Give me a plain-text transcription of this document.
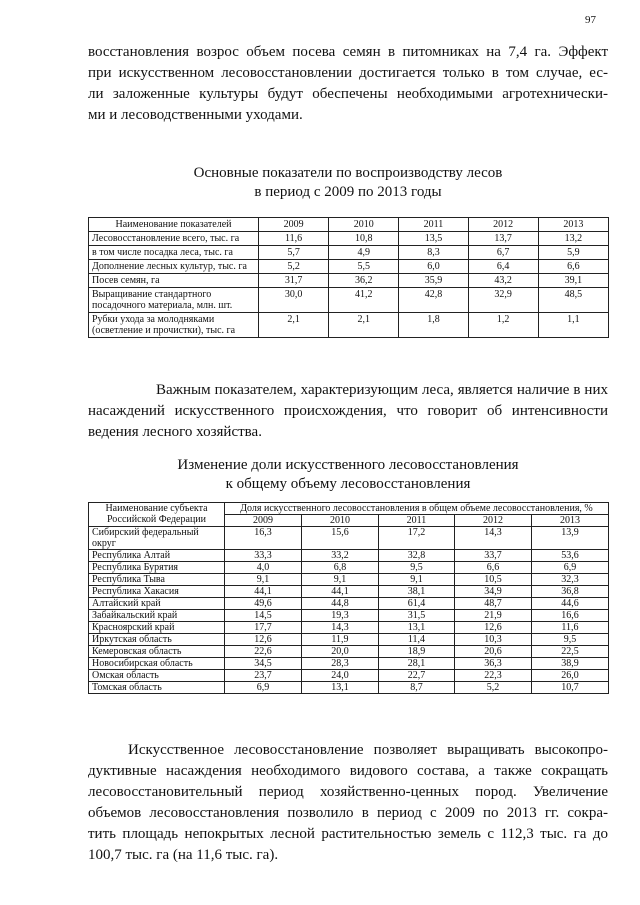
97
восстановления возрос объем посева семян в питомниках на 7,4 га. Эффект
при искусственном лесовосстановлении достигается только в том случае, ес-
ли заложенные культуры будут обеспечены необходимыми агротехнически-
ми и лесоводственными уходами.
Основные показатели по воспроизводству лесов
в период с 2009 по 2013 годы
Наименование показателей	2009	2010	2011	2012	2013
Лесовосстановление всего, тыс. га	11,6	10,8	13,5	13,7	13,2
в том числе посадка леса, тыс. га	5,7	4,9	8,3	6,7	5,9
Дополнение лесных культур, тыс. га	5,2	5,5	6,0	6,4	6,6
Посев семян, га	31,7	36,2	35,9	43,2	39,1
Выращивание стандартного посадочного материала, млн. шт.	30,0	41,2	42,8	32,9	48,5
Рубки ухода за молодняками (осветление и прочистки), тыс. га	2,1	2,1	1,8	1,2	1,1
Важным показателем, характеризующим леса, является наличие в них
насаждений искусственного происхождения, что говорит об интенсивности
ведения лесного хозяйства.
Изменение доли искусственного лесовосстановления
к общему объему лесовосстановления
Наименование субъекта Российской Федерации	Доля искусственного лесовосстановления в общем объеме лесовосстановления, %				
	2009	2010	2011	2012	2013
Сибирский федеральный округ	16,3	15,6	17,2	14,3	13,9
Республика Алтай	33,3	33,2	32,8	33,7	53,6
Республика Бурятия	4,0	6,8	9,5	6,6	6,9
Республика Тыва	9,1	9,1	9,1	10,5	32,3
Республика Хакасия	44,1	44,1	38,1	34,9	36,8
Алтайский край	49,6	44,8	61,4	48,7	44,6
Забайкальский край	14,5	19,3	31,5	21,9	16,6
Красноярский край	17,7	14,3	13,1	12,6	11,6
Иркутская область	12,6	11,9	11,4	10,3	9,5
Кемеровская область	22,6	20,0	18,9	20,6	22,5
Новосибирская область	34,5	28,3	28,1	36,3	38,9
Омская область	23,7	24,0	22,7	22,3	26,0
Томская область	6,9	13,1	8,7	5,2	10,7
Искусственное лесовосстановление позволяет выращивать высокопро-
дуктивные насаждения необходимого видового состава, а также сокращать
лесовосстановительный период хозяйственно-ценных пород. Увеличение
объемов лесовосстановления позволило в период с 2009 по 2013 гг. сокра-
тить площадь непокрытых лесной растительностью земель с 112,3 тыс. га до
100,7 тыс. га (на 11,6 тыс. га).
